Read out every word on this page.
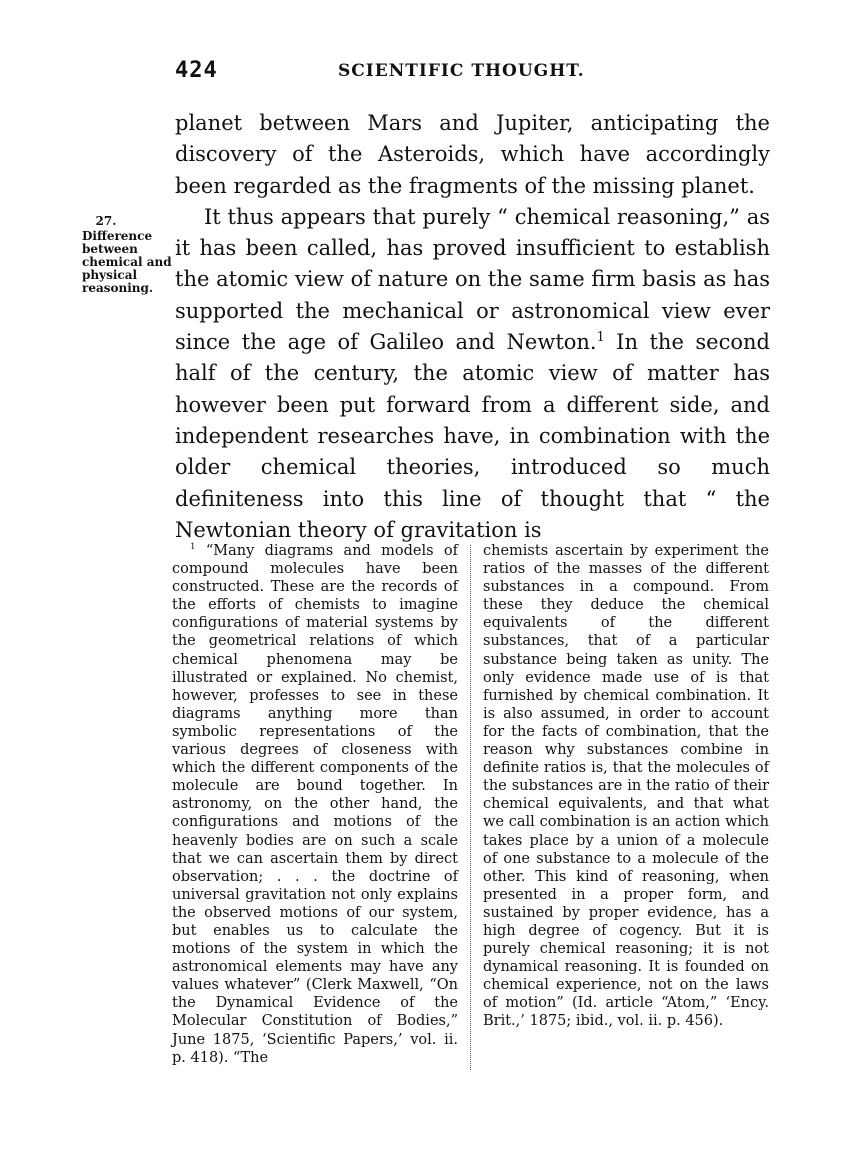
424	SCIENTIFIC THOUGHT.

planet between Mars and Jupiter, anticipating the discovery of the Asteroids, which have accordingly been regarded as the fragments of the missing planet.

It thus appears that purely “ chemical reasoning,” as it has been called, has proved insufficient to establish the atomic view of nature on the same firm basis as has supported the mechanical or astronomical view ever since the age of Galileo and Newton.$^1$ In the second half of the century, the atomic view of matter has however been put forward from a different side, and independent researches have, in combination with the older chemical theories, introduced so much definiteness into this line of thought that “ the Newtonian theory of gravitation is

27.
Difference between chemical and physical reasoning.

$^1$ “Many diagrams and models of compound molecules have been constructed. These are the records of the efforts of chemists to imagine configurations of material systems by the geometrical relations of which chemical phenomena may be illustrated or explained. No chemist, however, professes to see in these diagrams anything more than symbolic representations of the various degrees of closeness with which the different components of the molecule are bound together. In astronomy, on the other hand, the configurations and motions of the heavenly bodies are on such a scale that we can ascertain them by direct observation; . . . the doctrine of universal gravitation not only explains the observed motions of our system, but enables us to calculate the motions of the system in which the astronomical elements may have any values whatever” (Clerk Maxwell, “On the Dynamical Evidence of the Molecular Constitution of Bodies,” June 1875, ‘Scientific Papers,’ vol. ii. p. 418). “The

chemists ascertain by experiment the ratios of the masses of the different substances in a compound. From these they deduce the chemical equivalents of the different substances, that of a particular substance being taken as unity. The only evidence made use of is that furnished by chemical combination. It is also assumed, in order to account for the facts of combination, that the reason why substances combine in definite ratios is, that the molecules of the substances are in the ratio of their chemical equivalents, and that what we call combination is an action which takes place by a union of a molecule of one substance to a molecule of the other. This kind of reasoning, when presented in a proper form, and sustained by proper evidence, has a high degree of cogency. But it is purely chemical reasoning; it is not dynamical reasoning. It is founded on chemical experience, not on the laws of motion” (Id. article “Atom,” ‘Ency. Brit.,’ 1875; ibid., vol. ii. p. 456).
